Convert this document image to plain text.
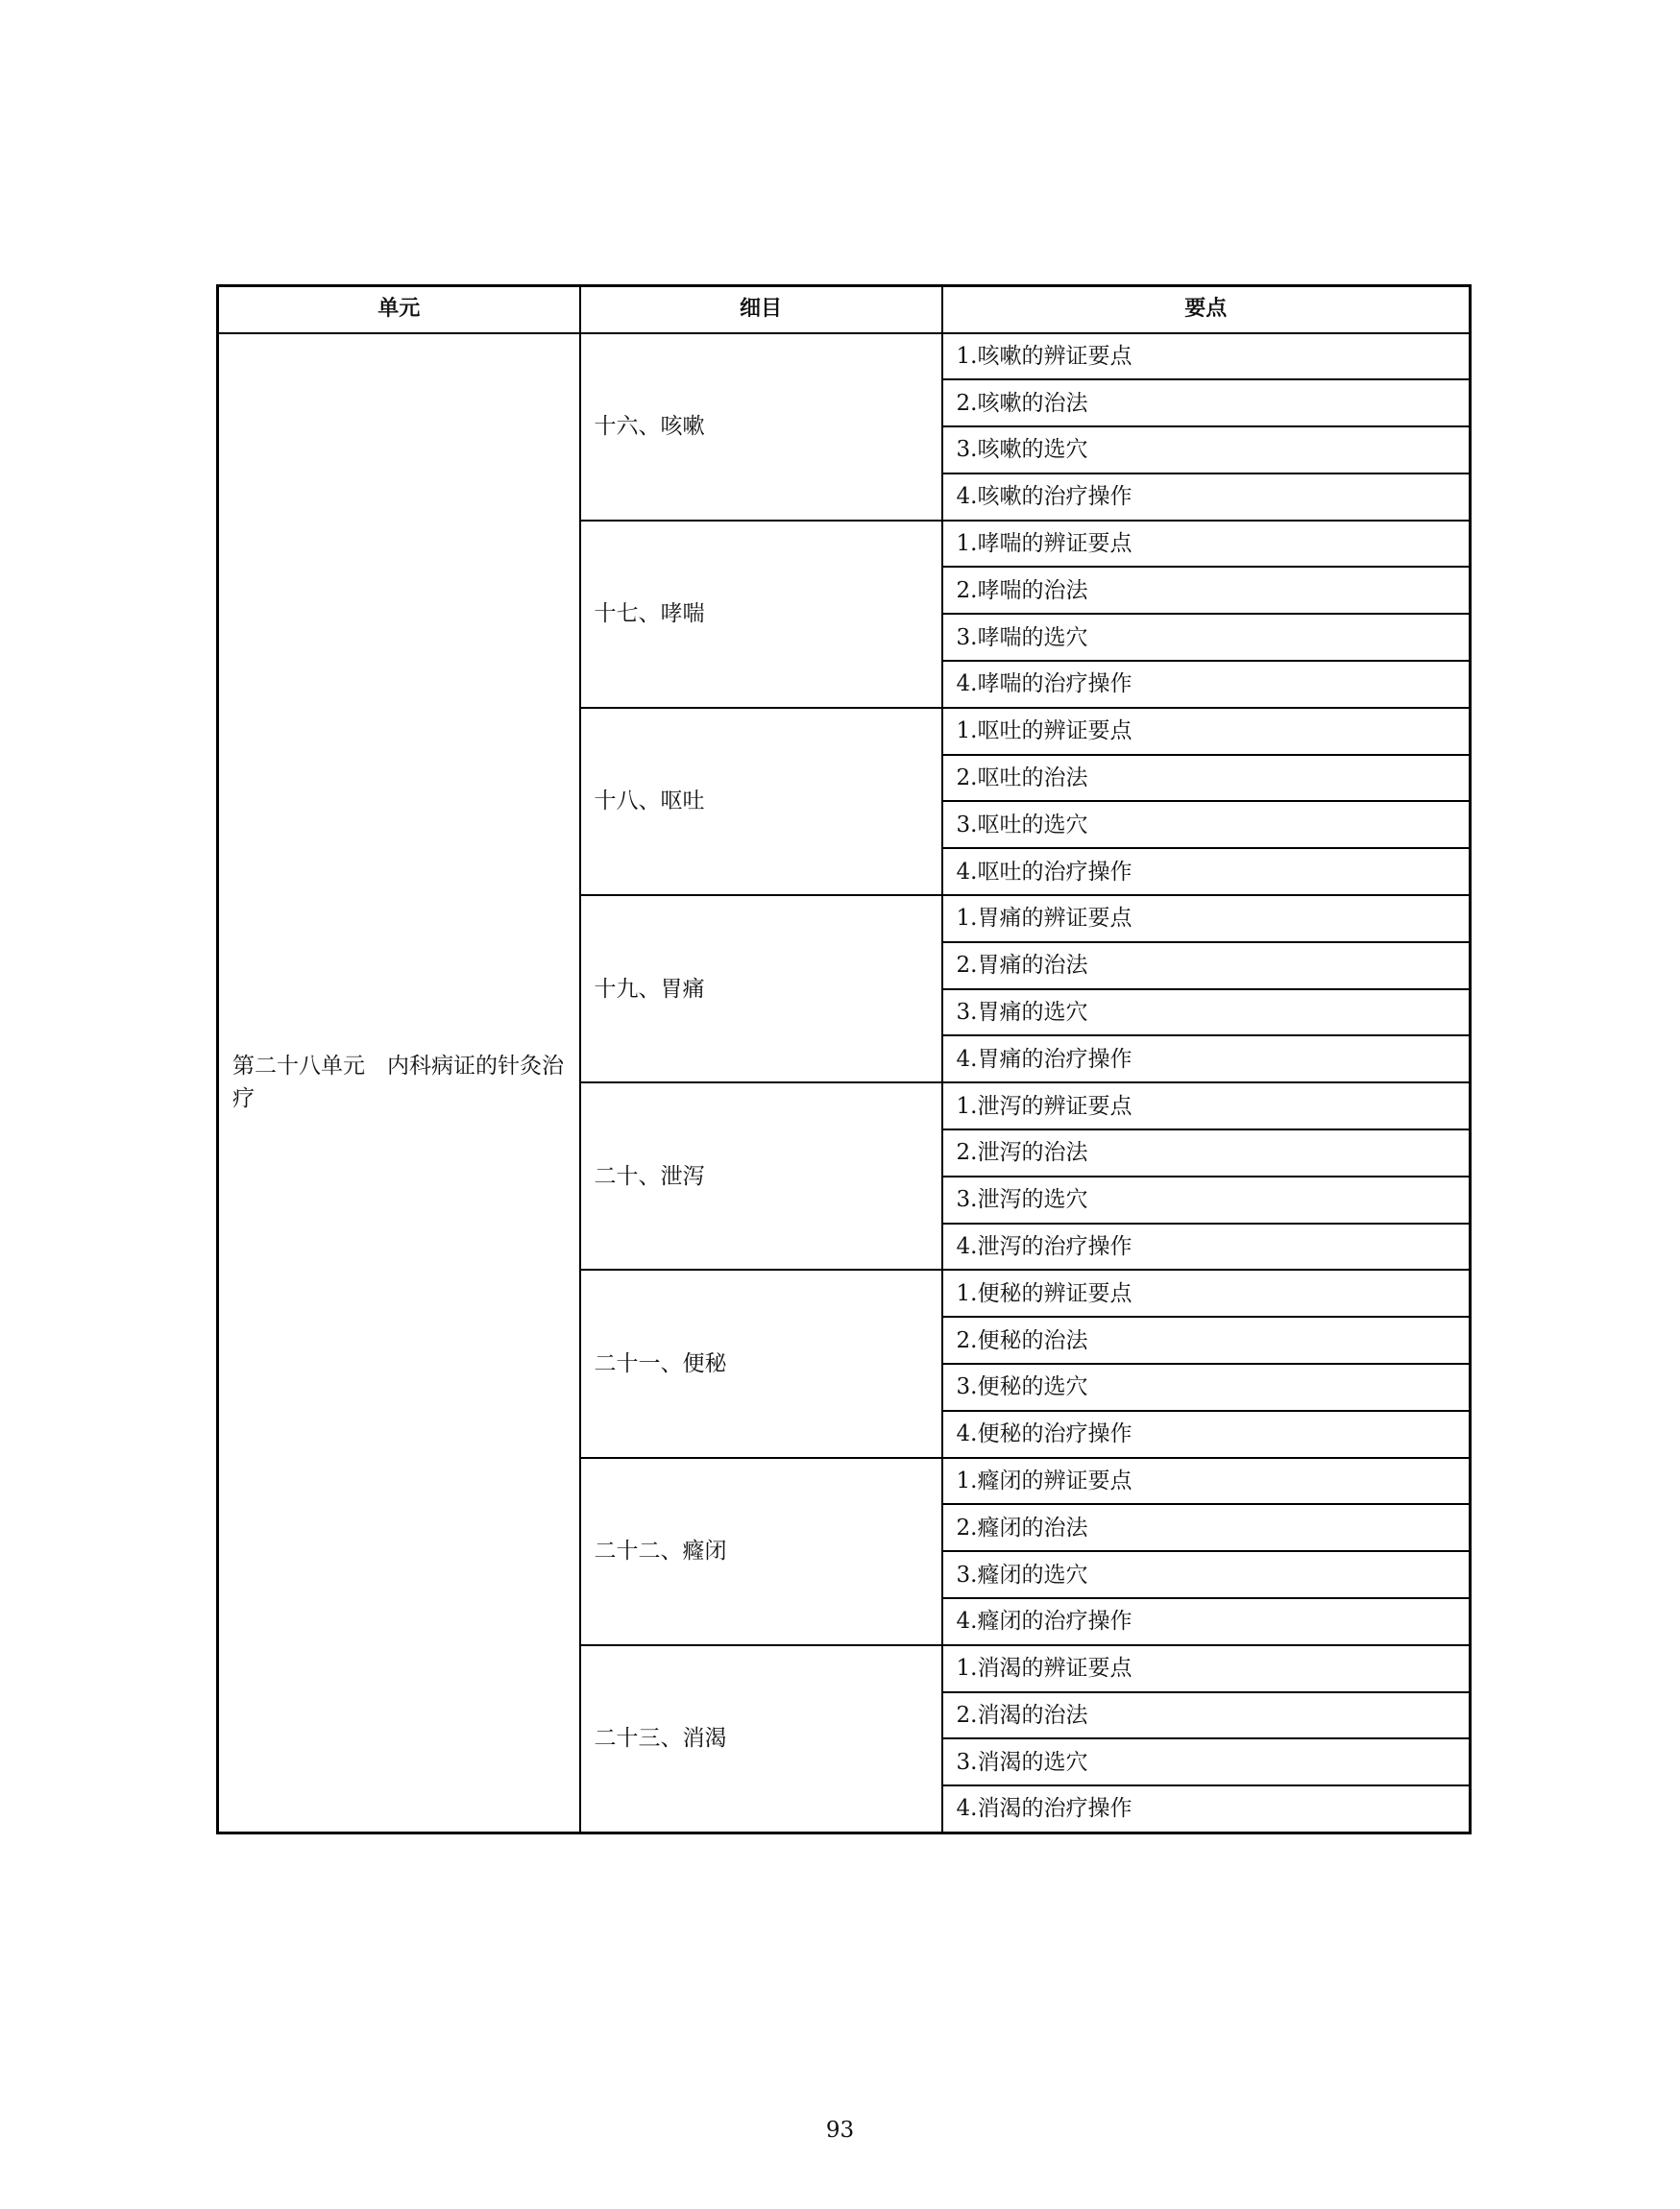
单元	细目	要点

第二十八单元　内科病证的针灸治疗	十六、咳嗽	1.咳嗽的辨证要点
		2.咳嗽的治法
		3.咳嗽的选穴
		4.咳嗽的治疗操作
	十七、哮喘	1.哮喘的辨证要点
		2.哮喘的治法
		3.哮喘的选穴
		4.哮喘的治疗操作
	十八、呕吐	1.呕吐的辨证要点
		2.呕吐的治法
		3.呕吐的选穴
		4.呕吐的治疗操作
	十九、胃痛	1.胃痛的辨证要点
		2.胃痛的治法
		3.胃痛的选穴
		4.胃痛的治疗操作
	二十、泄泻	1.泄泻的辨证要点
		2.泄泻的治法
		3.泄泻的选穴
		4.泄泻的治疗操作
	二十一、便秘	1.便秘的辨证要点
		2.便秘的治法
		3.便秘的选穴
		4.便秘的治疗操作
	二十二、癃闭	1.癃闭的辨证要点
		2.癃闭的治法
		3.癃闭的选穴
		4.癃闭的治疗操作
	二十三、消渴	1.消渴的辨证要点
		2.消渴的治法
		3.消渴的选穴
		4.消渴的治疗操作
93
